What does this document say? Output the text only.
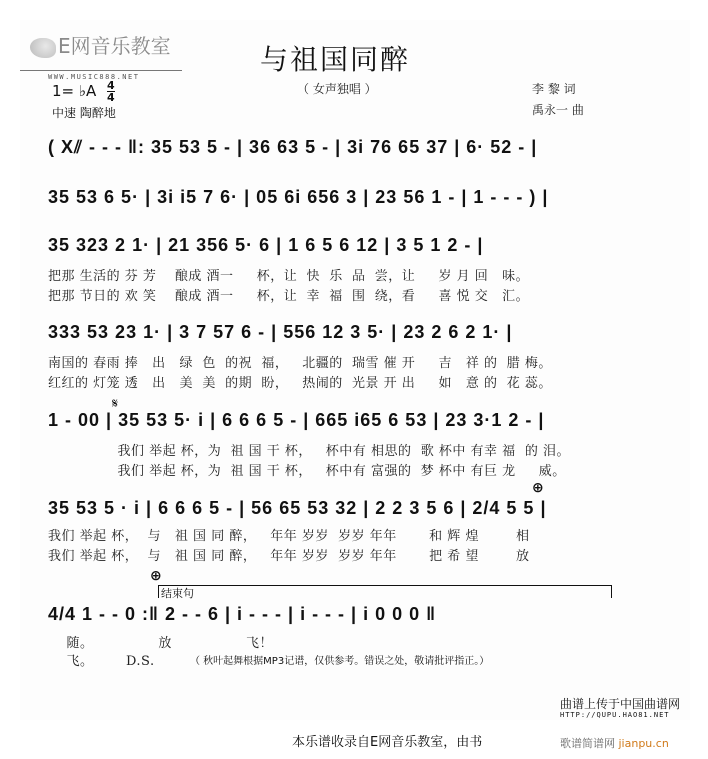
E网音乐教室
WWW.MUSIC888.NET
与祖国同醉
（ 女声独唱 ）
1= ♭A $\frac{4}{4}$
中速 陶醉地
李 黎 词
禹永一 曲
( X⫽ - - - ‖: 35 53 5 - | 36 63 5 - | 3i 76 65 37 | 6· 52 - |
35 53 6 5· | 3i i5 7 6· | 05 6i 656 3 | 23 56 1 - | 1 - - - ) |
35 323 2 1· | 21 356 5· 6 | 1 6 5 6 12 | 3 5 1 2 - |
把那 生活的 芬 芳    酿成 酒一     杯，让  快  乐  品  尝，让     岁 月 回   味。
把那 节日的 欢 笑    酿成 酒一     杯，让  幸  福  围  绕，看     喜 悦 交   汇。
333 53 23 1· | 3 7 57 6 - | 556 12 3 5· | 23 2 6 2 1· |
南国的 春雨 捧   出   绿  色  的祝  福，   北疆的  瑞雪 催 开     吉   祥 的  腊 梅。
红红的 灯笼 透   出   美  美  的期  盼，   热闹的  光景 开 出     如   意 的  花 蕊。
𝄋
1 - 00 | 35 53 5· i | 6 6 6 5 - | 665 i65 6 53 | 23 3·1 2 - |
我们 举起 杯，为  祖 国 干 杯，   杯中有 相思的  歌 杯中 有幸 福  的 泪。
我们 举起 杯，为  祖 国 干 杯，   杯中有 富强的  梦 杯中 有巨 龙     威。
⊕
35 53 5 · i | 6 6 6 5 - | 56 65 53 32 | 2 2 3 5 6 | 2/4 5 5 |
我们 举起 杯，  与   祖 国 同 醉，   年年 岁岁  岁岁 年年       和 辉 煌        相
我们 举起 杯，  与   祖 国 同 醉，   年年 岁岁  岁岁 年年       把 希 望        放
⊕
结束句
4/4 1 - - 0 :‖ 2 - - 6 | i - - - | i - - - | i 0 0 0 ‖
随。              放                飞！
飞。       D.S.	（ 秋叶起舞根据MP3记谱，仅供参考。错误之处，敬请批评指正。）
本乐谱收录自E网音乐教室，由书
曲谱上传于中国曲谱网
HTTP://QUPU.HAO81.NET
歌谱简谱网 jianpu.cn
